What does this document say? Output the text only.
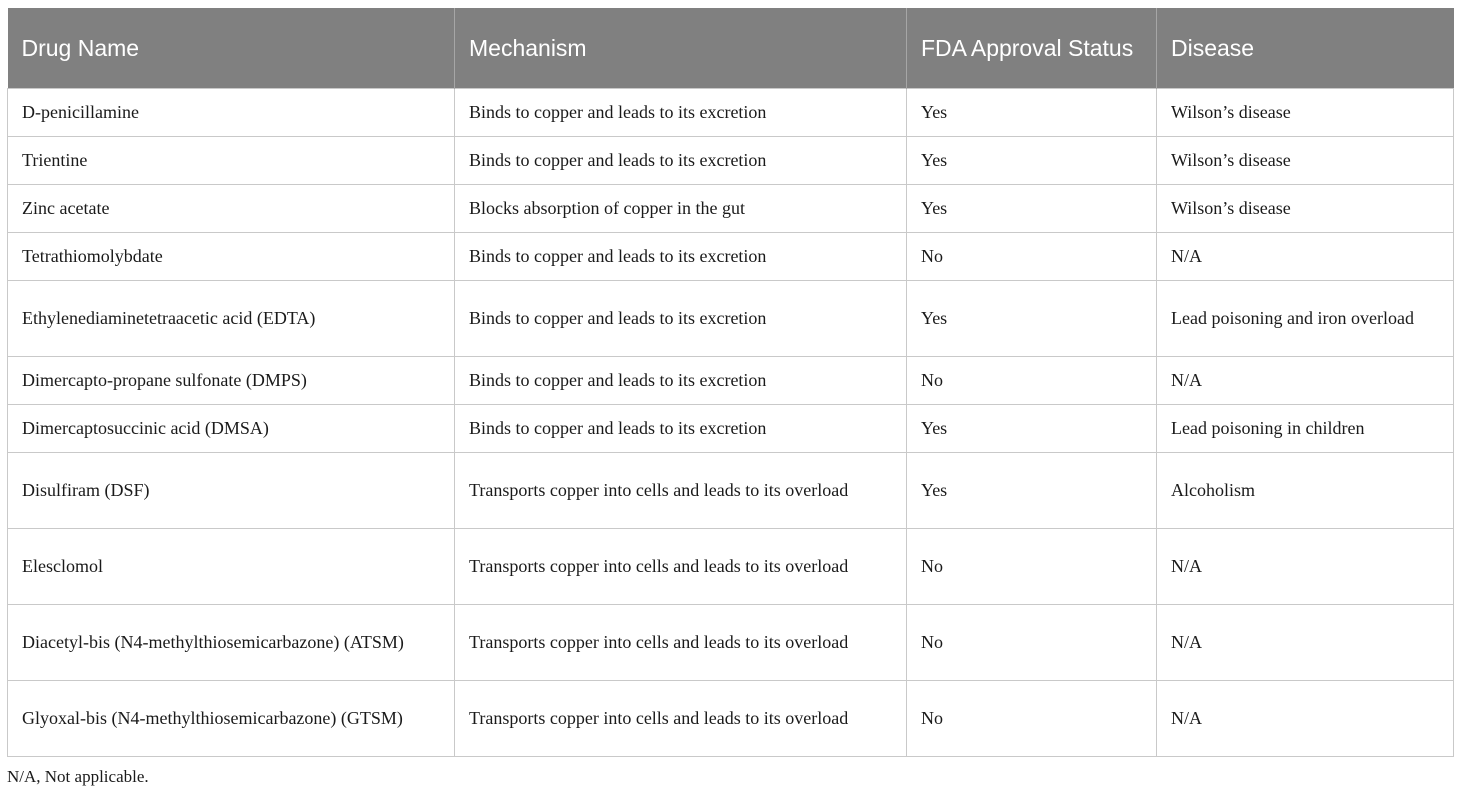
Drug Name	Mechanism	FDA Approval Status	Disease
D-penicillamine	Binds to copper and leads to its excretion	Yes	Wilson’s disease
Trientine	Binds to copper and leads to its excretion	Yes	Wilson’s disease
Zinc acetate	Blocks absorption of copper in the gut	Yes	Wilson’s disease
Tetrathiomolybdate	Binds to copper and leads to its excretion	No	N/A
Ethylenediaminetetraacetic acid (EDTA)	Binds to copper and leads to its excretion	Yes	Lead poisoning and iron overload
Dimercapto-propane sulfonate (DMPS)	Binds to copper and leads to its excretion	No	N/A
Dimercaptosuccinic acid (DMSA)	Binds to copper and leads to its excretion	Yes	Lead poisoning in children
Disulfiram (DSF)	Transports copper into cells and leads to its overload	Yes	Alcoholism
Elesclomol	Transports copper into cells and leads to its overload	No	N/A
Diacetyl-bis (N4-methylthiosemicarbazone) (ATSM)	Transports copper into cells and leads to its overload	No	N/A
Glyoxal-bis (N4-methylthiosemicarbazone) (GTSM)	Transports copper into cells and leads to its overload	No	N/A
N/A, Not applicable.
